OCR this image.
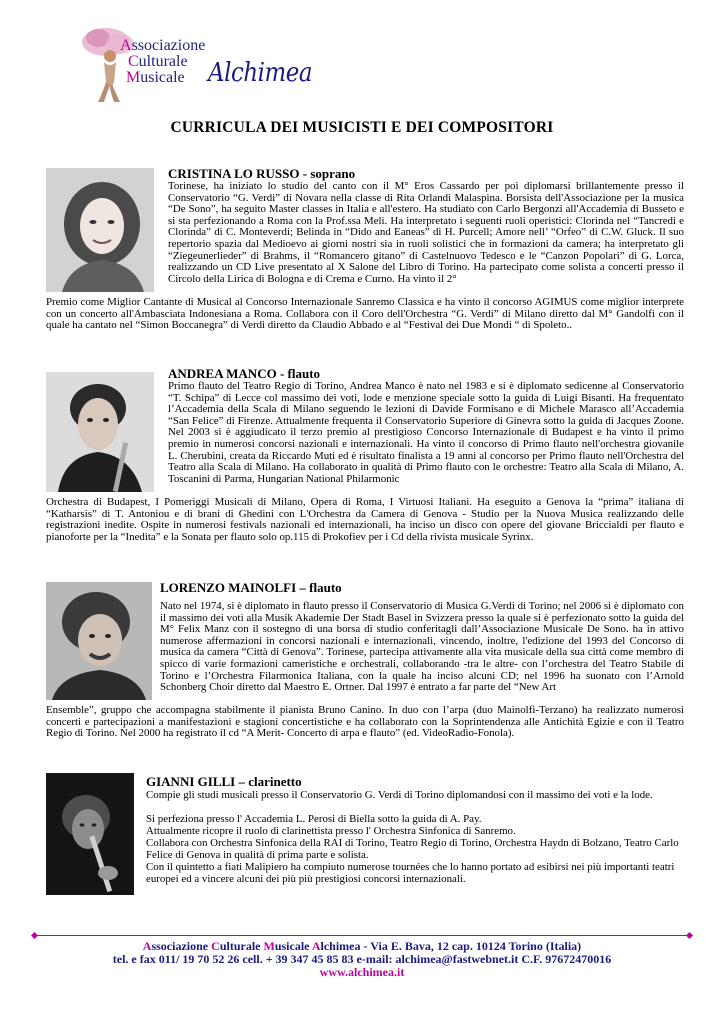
Associazione
Culturale
Musicale Alchimea
CURRICULA DEI MUSICISTI E DEI COMPOSITORI
CRISTINA LO RUSSO - soprano

Torinese, ha iniziato lo studio del canto con il M° Eros Cassardo per poi diplomarsi brillantemente presso il Conservatorio “G. Verdi” di Novara nella classe di Rita Orlandi Malaspina. Borsista dell'Associazione per la musica “De Sono”, ha seguito Master classes in Italia e all'estero. Ha studiato con Carlo Bergonzi all'Accademia di Busseto e si sta perfezionando a Roma con la Prof.ssa Meli. Ha interpretato i seguenti ruoli operistici: Clorinda nel “Tancredi e Clorinda” di C. Monteverdi; Belinda in “Dido and Eaneas” di H. Purcell; Amore nell’ “Orfeo” di C.W. Gluck. Il suo repertorio spazia dal Medioevo ai giorni nostri sia in ruoli solistici che in formazioni da camera; ha interpretato gli “Ziegeunerlieder” di Brahms, il “Romancero gitano” di Castelnuovo Tedesco e le “Canzon Popolari” di G. Lorca, realizzando un CD Live presentato al X Salone del Libro di Torino. Ha partecipato come solista a concerti presso il Circolo della Lirica di Bologna e di Crema e Curno. Ha vinto il 2°

Premio come Miglior Cantante di Musical al Concorso Internazionale Sanremo Classica e ha vinto il concorso AGIMUS come miglior interprete con un concerto all'Ambasciata Indonesiana a Roma. Collabora con il Coro dell'Orchestra “G. Verdi” di Milano diretto dal M° Gandolfi con il quale ha cantato nel “Simon Boccanegra” di Verdi diretto da Claudio Abbado e al “Festival dei Due Mondi “ di Spoleto..

ANDREA MANCO - flauto

Primo flauto del Teatro Regio di Torino, Andrea Manco è nato nel 1983 e si è diplomato sedicenne al Conservatorio “T. Schipa” di Lecce col massimo dei voti, lode e menzione speciale sotto la guida di Luigi Bisanti. Ha frequentato l’Accademia della Scala di Milano seguendo le lezioni di Davide Formisano e di Michele Marasco all’Accademia “San Felice” di Firenze. Attualmente frequenta il Conservatorio Superiore di Ginevra sotto la guida di Jacques Zoone. Nel 2003 si è aggiudicato il terzo premio al prestigioso Concorso Internazionale di Budapest e ha vinto il primo premio in numerosi concorsi nazionali e internazionali. Ha vinto il concorso di Primo flauto nell'orchestra giovanile L. Cherubini, creata da Riccardo Muti ed è risultato finalista a 19 anni al concorso per Primo flauto nell'Orchestra del Teatro alla Scala di Milano. Ha collaborato in qualità di Primo flauto con le orchestre: Teatro alla Scala di Milano, A. Toscanini di Parma, Hungarian National Philarmonic

Orchestra di Budapest, I Pomeriggi Musicali di Milano, Opera di Roma, I Virtuosi Italiani. Ha eseguito a Genova la “prima” italiana di “Katharsis” di T. Antoniou e di brani di Ghedini con L'Orchestra da Camera di Genova - Studio per la Nuova Musica realizzando delle registrazioni inedite. Ospite in numerosi festivals nazionali ed internazionali, ha inciso un disco con opere del giovane Briccialdi per flauto e pianoforte per la “Inedita” e la Sonata per flauto solo op.115 di Prokofiev per i Cd della rivista musicale Syrinx.

LORENZO MAINOLFI – flauto

Nato nel 1974, si è diplomato in flauto presso il Conservatorio di Musica G.Verdi di Torino; nel 2006 si è diplomato con il massimo dei voti alla Musik Akademie Der Stadt Basel in Svizzera presso la quale si è perfezionato sotto la guida del M° Felix Manz con il sostegno di una borsa di studio conferitagli dall’Associazione Musicale De Sono. ha in attivo numerose affermazioni in concorsi nazionali e internazionali, vincendo, inoltre, l'edizione del 1993 del Concorso di musica da camera “Città di Genova”. Torinese, partecipa attivamente alla vita musicale della sua città come membro di spicco di varie formazioni cameristiche e orchestrali, collaborando -tra le altre- con l’orchestra del Teatro Stabile di Torino e l’Orchestra Filarmonica Italiana, con la quale ha inciso alcuni CD; nel 1996 ha suonato con l’Arnold Schonberg Choir diretto dal Maestro E. Ortner. Dal 1997 è entrato a far parte del “New Art

Ensemble”, gruppo che accompagna stabilmente il pianista Bruno Canino. In duo con l’arpa (duo Mainolfi-Terzano) ha realizzato numerosi concerti e partecipazioni a manifestazioni e stagioni concertistiche e ha collaborato con la Soprintendenza alle Antichità Egizie e con il Teatro Regio di Torino. Nel 2000 ha registrato il cd “A Merit- Concerto di arpa e flauto” (ed. VideoRadio-Fonola).

GIANNI GILLI – clarinetto

Compie gli studi musicali presso il Conservatorio G. Verdi di Torino diplomandosi con il massimo dei voti e la lode.

Si perfeziona presso l' Accademia L. Perosi di Biella sotto la guida di A. Pay.

Attualmente ricopre il ruolo di clarinettista presso l' Orchestra Sinfonica di Sanremo.

Collabora con Orchestra Sinfonica della RAI di Torino, Teatro Regio di Torino, Orchestra Haydn di Bolzano, Teatro Carlo Felice di Genova in qualità di prima parte e solista.

Con il quintetto a fiati Malipiero ha compiuto numerose tournées che lo hanno portato ad esibirsi nei più importanti teatri europei ed a vincere alcuni dei più più prestigiosi concorsi internazionali.

Associazione Culturale Musicale Alchimea - Via E. Bava, 12 cap. 10124 Torino (Italia)
tel. e fax 011/ 19 70 52 26 cell. + 39 347 45 85 83 e-mail: alchimea@fastwebnet.it C.F. 97672470016
www.alchimea.it
